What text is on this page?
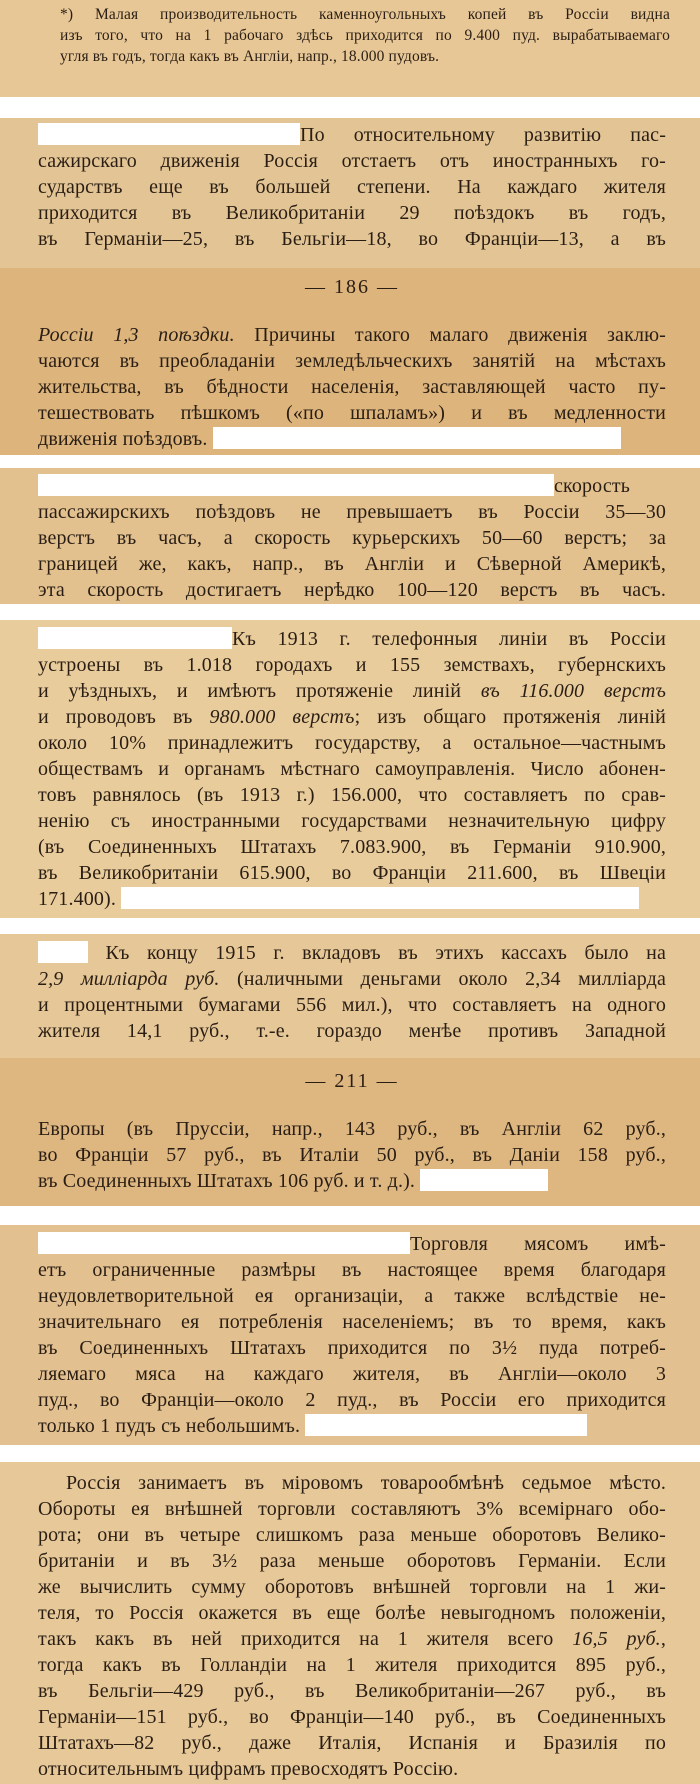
*) Малая производительность каменноугольныхъ копей въ Россiи видна
изъ того, что на 1 рабочаго здѣсь приходится по 9.400 пуд. вырабатываемаго
угля въ годъ, тогда какъ въ Англiи, напр., 18.000 пудовъ.
По относительному развитiю пас-
сажирскаго движенiя Россiя отстаетъ отъ иностранныхъ го-
сударствъ еще въ большей степени. На каждаго жителя
приходится въ Великобританiи 29 поѣздокъ въ годъ,
въ Германiи—25, въ Бельгiи—18, во Францiи—13, а въ
— 186 —
Россiи 1,3 поѣздки. Причины такого малаго движенiя заклю-
чаются въ преобладанiи земледѣльческихъ занятiй на мѣстахъ
жительства, въ бѣдности населенiя, заставляющей часто пу-
тешествовать пѣшкомъ («по шпаламъ») и въ медленности
движенiя поѣздовъ.
скорость
пассажирскихъ поѣздовъ не превышаетъ въ Россiи 35—30
верстъ въ часъ, а скорость курьерскихъ 50—60 верстъ; за
границей же, какъ, напр., въ Англiи и Сѣверной Америкѣ,
эта скорость достигаетъ нерѣдко 100—120 верстъ въ часъ.
Къ 1913 г. телефонныя линiи въ Россiи
устроены въ 1.018 городахъ и 155 земствахъ, губернскихъ
и уѣздныхъ, и имѣютъ протяженiе линiй въ 116.000 верстъ
и проводовъ въ 980.000 верстъ; изъ общаго протяженiя линiй
около 10% принадлежитъ государству, а остальное—частнымъ
обществамъ и органамъ мѣстнаго самоуправленiя. Число абонен-
товъ равнялось (въ 1913 г.) 156.000, что составляетъ по срав-
ненiю съ иностранными государствами незначительную цифру
(въ Соединенныхъ Штатахъ 7.083.900, въ Германiи 910.900,
въ Великобританiи 615.900, во Францiи 211.600, въ Швецiи
171.400).
Къ концу 1915 г. вкладовъ въ этихъ кассахъ было на
2,9 миллiарда руб. (наличными деньгами около 2,34 миллiарда
и процентными бумагами 556 мил.), что составляетъ на одного
жителя 14,1 руб., т.-е. гораздо менѣе противъ Западной
— 211 —
Европы (въ Пруссiи, напр., 143 руб., въ Англiи 62 руб.,
во Францiи 57 руб., въ Италiи 50 руб., въ Данiи 158 руб.,
въ Соединенныхъ Штатахъ 106 руб. и т. д.).
Торговля мясомъ имѣ-
етъ ограниченные размѣры въ настоящее время благодаря
неудовлетворительной ея организацiи, а также вслѣдствiе не-
значительнаго ея потребленiя населенiемъ; въ то время, какъ
въ Соединенныхъ Штатахъ приходится по 3½ пуда потреб-
ляемаго мяса на каждаго жителя, въ Англiи—около 3
пуд., во Францiи—около 2 пуд., въ Россiи его приходится
только 1 пудъ съ небольшимъ.
Россiя занимаетъ въ мiровомъ товарообмѣнѣ седьмое мѣсто.
Обороты ея внѣшней торговли составляютъ 3% всемiрнаго обо-
рота; они въ четыре слишкомъ раза меньше оборотовъ Велико-
британiи и въ 3½ раза меньше оборотовъ Германiи. Если
же вычислить сумму оборотовъ внѣшней торговли на 1 жи-
теля, то Россiя окажется въ еще болѣе невыгодномъ положенiи,
такъ какъ въ ней приходится на 1 жителя всего 16,5 руб.,
тогда какъ въ Голландiи на 1 жителя приходится 895 руб.,
въ Бельгiи—429 руб., въ Великобританiи—267 руб., въ
Германiи—151 руб., во Францiи—140 руб., въ Соединенныхъ
Штатахъ—82 руб., даже Италiя, Испанiя и Бразилiя по
относительнымъ цифрамъ превосходятъ Россiю.
